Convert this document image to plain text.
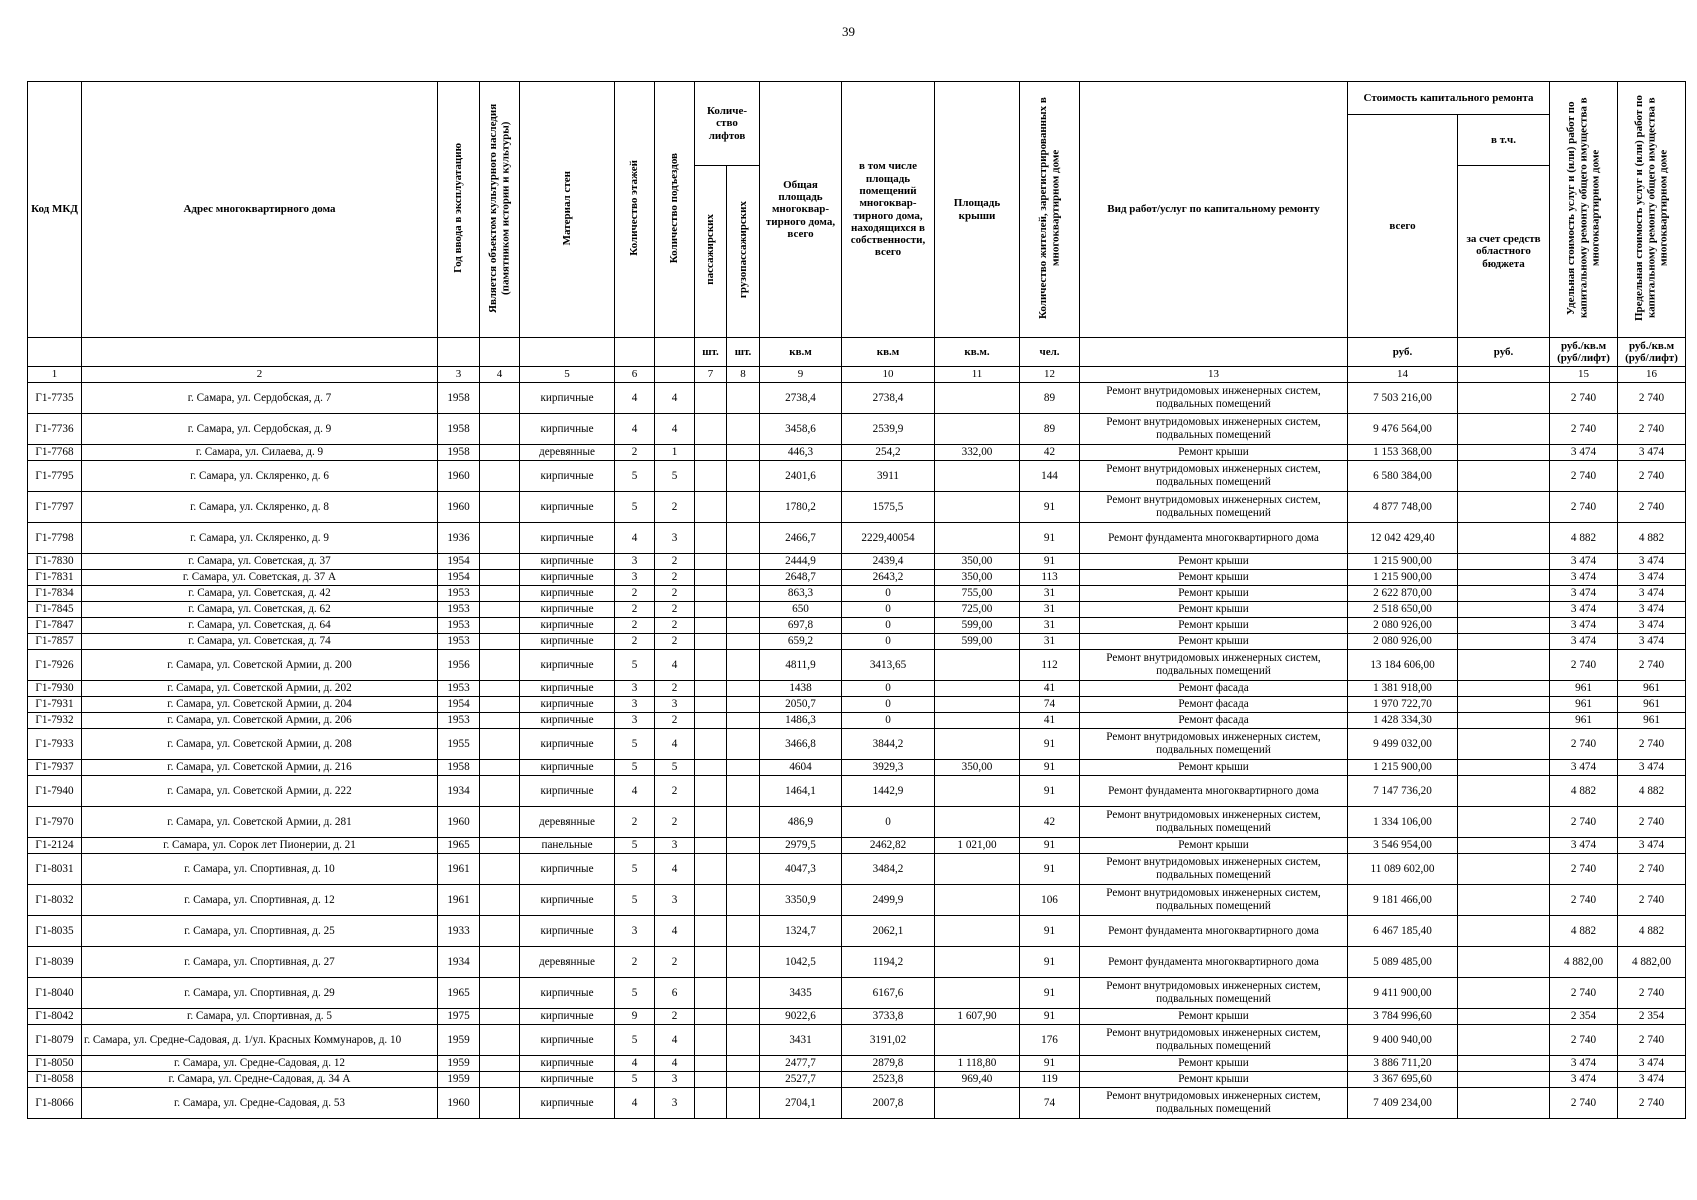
39
Код МКД	Адрес многоквартирного дома	Год ввода в эксплуатацию	Является объектом культурного наследия (памятником истории и культуры)	Материал стен	Количество этажей	Количество подъездов	Количе-ство лифтов		Общая площадь многоквар-тирного дома, всего	в том числе площадь помещений многоквар-тирного дома, находящихся в собственности, всего	Площадь крыши	Количество жителей, зарегистрированных в многоквартирном доме	Вид работ/услуг по капитальному ремонту	Стоимость капитального ремонта		Удельная стоимость услуг и (или) работ по капитальному ремонту общего имущества в многоквартирном доме	Предельная стоимость услуг и (или) работ по капитальному ремонту общего имущества в многоквартирном доме
														всего	в т.ч.		
							пассажирских	грузопассажирских							за счет средств областного бюджета		
							шт.	шт.	кв.м	кв.м	кв.м.	чел.		руб.	руб.	руб./кв.м (руб/лифт)	руб./кв.м (руб/лифт)
1	2	3	4	5	6		7	8	9	10	11	12	13	14		15	16
Г1-7735	г. Самара, ул. Сердобская, д. 7	1958		кирпичные	4	4			2738,4	2738,4		89	Ремонт внутридомовых инженерных систем, подвальных помещений	7 503 216,00		2 740	2 740
Г1-7736	г. Самара, ул. Сердобская, д. 9	1958		кирпичные	4	4			3458,6	2539,9		89	Ремонт внутридомовых инженерных систем, подвальных помещений	9 476 564,00		2 740	2 740
Г1-7768	г. Самара, ул. Силаева, д. 9	1958		деревянные	2	1			446,3	254,2	332,00	42	Ремонт крыши	1 153 368,00		3 474	3 474
Г1-7795	г. Самара, ул. Скляренко, д. 6	1960		кирпичные	5	5			2401,6	3911		144	Ремонт внутридомовых инженерных систем, подвальных помещений	6 580 384,00		2 740	2 740
Г1-7797	г. Самара, ул. Скляренко, д. 8	1960		кирпичные	5	2			1780,2	1575,5		91	Ремонт внутридомовых инженерных систем, подвальных помещений	4 877 748,00		2 740	2 740
Г1-7798	г. Самара, ул. Скляренко, д. 9	1936		кирпичные	4	3			2466,7	2229,40054		91	Ремонт фундамента многоквартирного дома	12 042 429,40		4 882	4 882
Г1-7830	г. Самара, ул. Советская, д. 37	1954		кирпичные	3	2			2444,9	2439,4	350,00	91	Ремонт крыши	1 215 900,00		3 474	3 474
Г1-7831	г. Самара, ул. Советская, д. 37 А	1954		кирпичные	3	2			2648,7	2643,2	350,00	113	Ремонт крыши	1 215 900,00		3 474	3 474
Г1-7834	г. Самара, ул. Советская, д. 42	1953		кирпичные	2	2			863,3	0	755,00	31	Ремонт крыши	2 622 870,00		3 474	3 474
Г1-7845	г. Самара, ул. Советская, д. 62	1953		кирпичные	2	2			650	0	725,00	31	Ремонт крыши	2 518 650,00		3 474	3 474
Г1-7847	г. Самара, ул. Советская, д. 64	1953		кирпичные	2	2			697,8	0	599,00	31	Ремонт крыши	2 080 926,00		3 474	3 474
Г1-7857	г. Самара, ул. Советская, д. 74	1953		кирпичные	2	2			659,2	0	599,00	31	Ремонт крыши	2 080 926,00		3 474	3 474
Г1-7926	г. Самара, ул. Советской Армии, д. 200	1956		кирпичные	5	4			4811,9	3413,65		112	Ремонт внутридомовых инженерных систем, подвальных помещений	13 184 606,00		2 740	2 740
Г1-7930	г. Самара, ул. Советской Армии, д. 202	1953		кирпичные	3	2			1438	0		41	Ремонт фасада	1 381 918,00		961	961
Г1-7931	г. Самара, ул. Советской Армии, д. 204	1954		кирпичные	3	3			2050,7	0		74	Ремонт фасада	1 970 722,70		961	961
Г1-7932	г. Самара, ул. Советской Армии, д. 206	1953		кирпичные	3	2			1486,3	0		41	Ремонт фасада	1 428 334,30		961	961
Г1-7933	г. Самара, ул. Советской Армии, д. 208	1955		кирпичные	5	4			3466,8	3844,2		91	Ремонт внутридомовых инженерных систем, подвальных помещений	9 499 032,00		2 740	2 740
Г1-7937	г. Самара, ул. Советской Армии, д. 216	1958		кирпичные	5	5			4604	3929,3	350,00	91	Ремонт крыши	1 215 900,00		3 474	3 474
Г1-7940	г. Самара, ул. Советской Армии, д. 222	1934		кирпичные	4	2			1464,1	1442,9		91	Ремонт фундамента многоквартирного дома	7 147 736,20		4 882	4 882
Г1-7970	г. Самара, ул. Советской Армии, д. 281	1960		деревянные	2	2			486,9	0		42	Ремонт внутридомовых инженерных систем, подвальных помещений	1 334 106,00		2 740	2 740
Г1-2124	г. Самара, ул. Сорок лет Пионерии, д. 21	1965		панельные	5	3			2979,5	2462,82	1 021,00	91	Ремонт крыши	3 546 954,00		3 474	3 474
Г1-8031	г. Самара, ул. Спортивная, д. 10	1961		кирпичные	5	4			4047,3	3484,2		91	Ремонт внутридомовых инженерных систем, подвальных помещений	11 089 602,00		2 740	2 740
Г1-8032	г. Самара, ул. Спортивная, д. 12	1961		кирпичные	5	3			3350,9	2499,9		106	Ремонт внутридомовых инженерных систем, подвальных помещений	9 181 466,00		2 740	2 740
Г1-8035	г. Самара, ул. Спортивная, д. 25	1933		кирпичные	3	4			1324,7	2062,1		91	Ремонт фундамента многоквартирного дома	6 467 185,40		4 882	4 882
Г1-8039	г. Самара, ул. Спортивная, д. 27	1934		деревянные	2	2			1042,5	1194,2		91	Ремонт фундамента многоквартирного дома	5 089 485,00		4 882,00	4 882,00
Г1-8040	г. Самара, ул. Спортивная, д. 29	1965		кирпичные	5	6			3435	6167,6		91	Ремонт внутридомовых инженерных систем, подвальных помещений	9 411 900,00		2 740	2 740
Г1-8042	г. Самара, ул. Спортивная, д. 5	1975		кирпичные	9	2			9022,6	3733,8	1 607,90	91	Ремонт крыши	3 784 996,60		2 354	2 354
Г1-8079	г. Самара, ул. Средне-Садовая, д. 1/ул. Красных Коммунаров, д. 10	1959		кирпичные	5	4			3431	3191,02		176	Ремонт внутридомовых инженерных систем, подвальных помещений	9 400 940,00		2 740	2 740
Г1-8050	г. Самара, ул. Средне-Садовая, д. 12	1959		кирпичные	4	4			2477,7	2879,8	1 118,80	91	Ремонт крыши	3 886 711,20		3 474	3 474
Г1-8058	г. Самара, ул. Средне-Садовая, д. 34 А	1959		кирпичные	5	3			2527,7	2523,8	969,40	119	Ремонт крыши	3 367 695,60		3 474	3 474
Г1-8066	г. Самара, ул. Средне-Садовая, д. 53	1960		кирпичные	4	3			2704,1	2007,8		74	Ремонт внутридомовых инженерных систем, подвальных помещений	7 409 234,00		2 740	2 740
